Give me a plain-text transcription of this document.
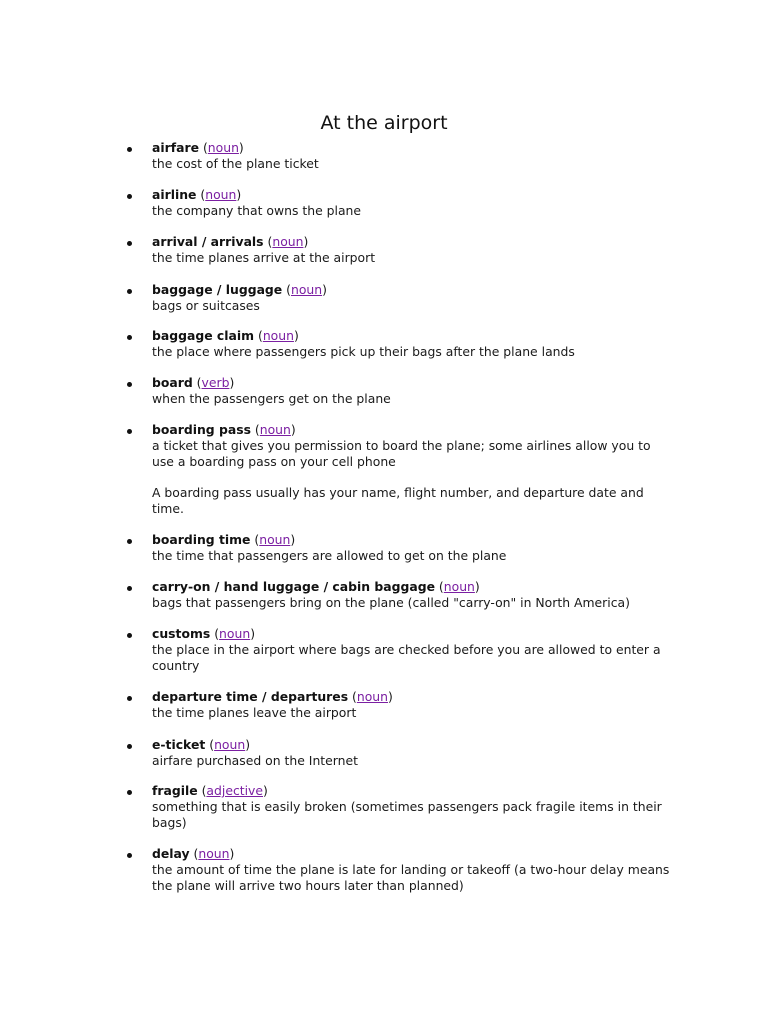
At the airport
airfare (noun)
the cost of the plane ticket
airline (noun)
the company that owns the plane
arrival / arrivals (noun)
the time planes arrive at the airport
baggage / luggage (noun)
bags or suitcases
baggage claim (noun)
the place where passengers pick up their bags after the plane lands
board (verb)
when the passengers get on the plane
boarding pass (noun)
a ticket that gives you permission to board the plane; some airlines allow you to use a boarding pass on your cell phone
A boarding pass usually has your name, flight number, and departure date and time.
boarding time (noun)
the time that passengers are allowed to get on the plane
carry-on / hand luggage / cabin baggage (noun)
bags that passengers bring on the plane (called "carry-on" in North America)
customs (noun)
the place in the airport where bags are checked before you are allowed to enter a country
departure time / departures (noun)
the time planes leave the airport
e-ticket (noun)
airfare purchased on the Internet
fragile (adjective)
something that is easily broken (sometimes passengers pack fragile items in their bags)
delay (noun)
the amount of time the plane is late for landing or takeoff (a two-hour delay means the plane will arrive two hours later than planned)
